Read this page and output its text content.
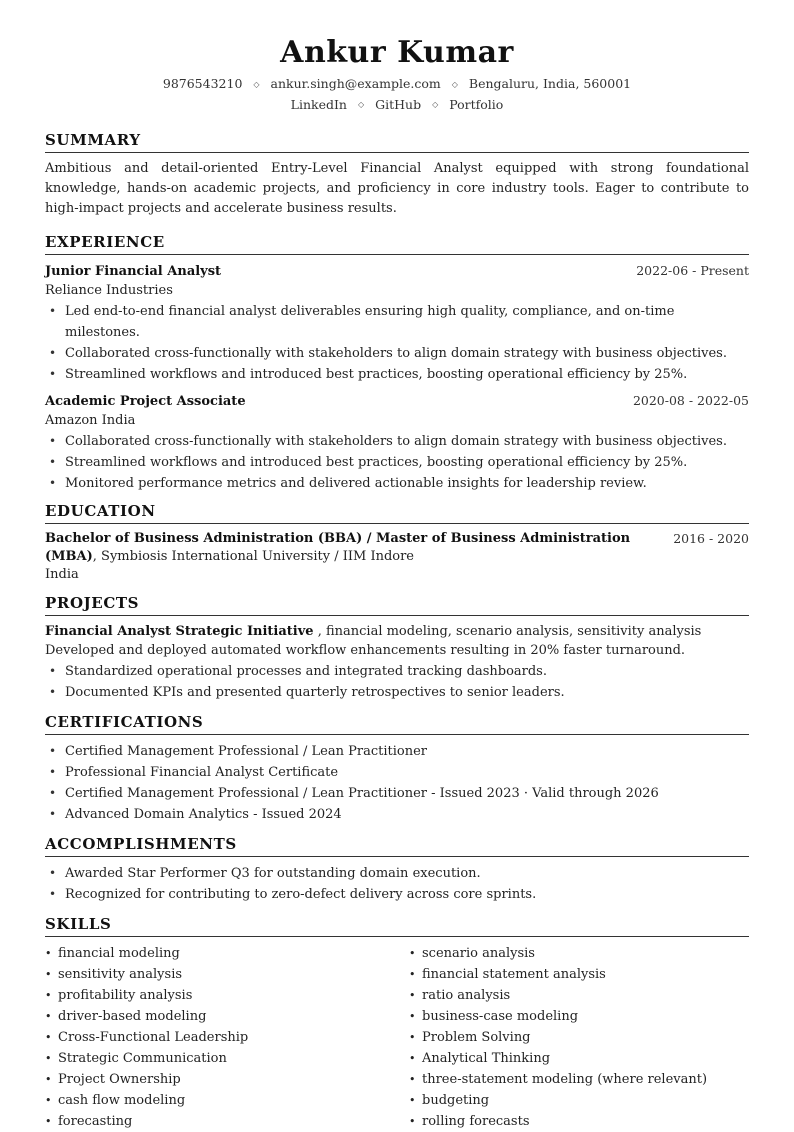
Ankur Kumar
9876543210 ◇ ankur.singh@example.com ◇ Bengaluru, India, 560001
LinkedIn ◇ GitHub ◇ Portfolio
SUMMARY
Ambitious and detail-oriented Entry-Level Financial Analyst equipped with strong foundational knowledge, hands-on academic projects, and proficiency in core industry tools. Eager to contribute to high-impact projects and accelerate business results.
EXPERIENCE
Junior Financial Analyst	2022-06 - Present
Reliance Industries
• Led end-to-end financial analyst deliverables ensuring high quality, compliance, and on-time milestones.
• Collaborated cross-functionally with stakeholders to align domain strategy with business objectives.
• Streamlined workflows and introduced best practices, boosting operational efficiency by 25%.
Academic Project Associate	2020-08 - 2022-05
Amazon India
• Collaborated cross-functionally with stakeholders to align domain strategy with business objectives.
• Streamlined workflows and introduced best practices, boosting operational efficiency by 25%.
• Monitored performance metrics and delivered actionable insights for leadership review.
EDUCATION
Bachelor of Business Administration (BBA) / Master of Business Administration
(MBA), Symbiosis International University / IIM Indore
India
2016 - 2020
PROJECTS
Financial Analyst Strategic Initiative , financial modeling, scenario analysis, sensitivity analysis
Developed and deployed automated workflow enhancements resulting in 20% faster turnaround.
• Standardized operational processes and integrated tracking dashboards.
• Documented KPIs and presented quarterly retrospectives to senior leaders.
CERTIFICATIONS
• Certified Management Professional / Lean Practitioner
• Professional Financial Analyst Certificate
• Certified Management Professional / Lean Practitioner - Issued 2023 · Valid through 2026
• Advanced Domain Analytics - Issued 2024
ACCOMPLISHMENTS
• Awarded Star Performer Q3 for outstanding domain execution.
• Recognized for contributing to zero-defect delivery across core sprints.
SKILLS
• financial modeling	• scenario analysis
• sensitivity analysis	• financial statement analysis
• profitability analysis	• ratio analysis
• driver-based modeling	• business-case modeling
• Cross-Functional Leadership	• Problem Solving
• Strategic Communication	• Analytical Thinking
• Project Ownership	• three-statement modeling (where relevant)
• cash flow modeling	• budgeting
• forecasting	• rolling forecasts
